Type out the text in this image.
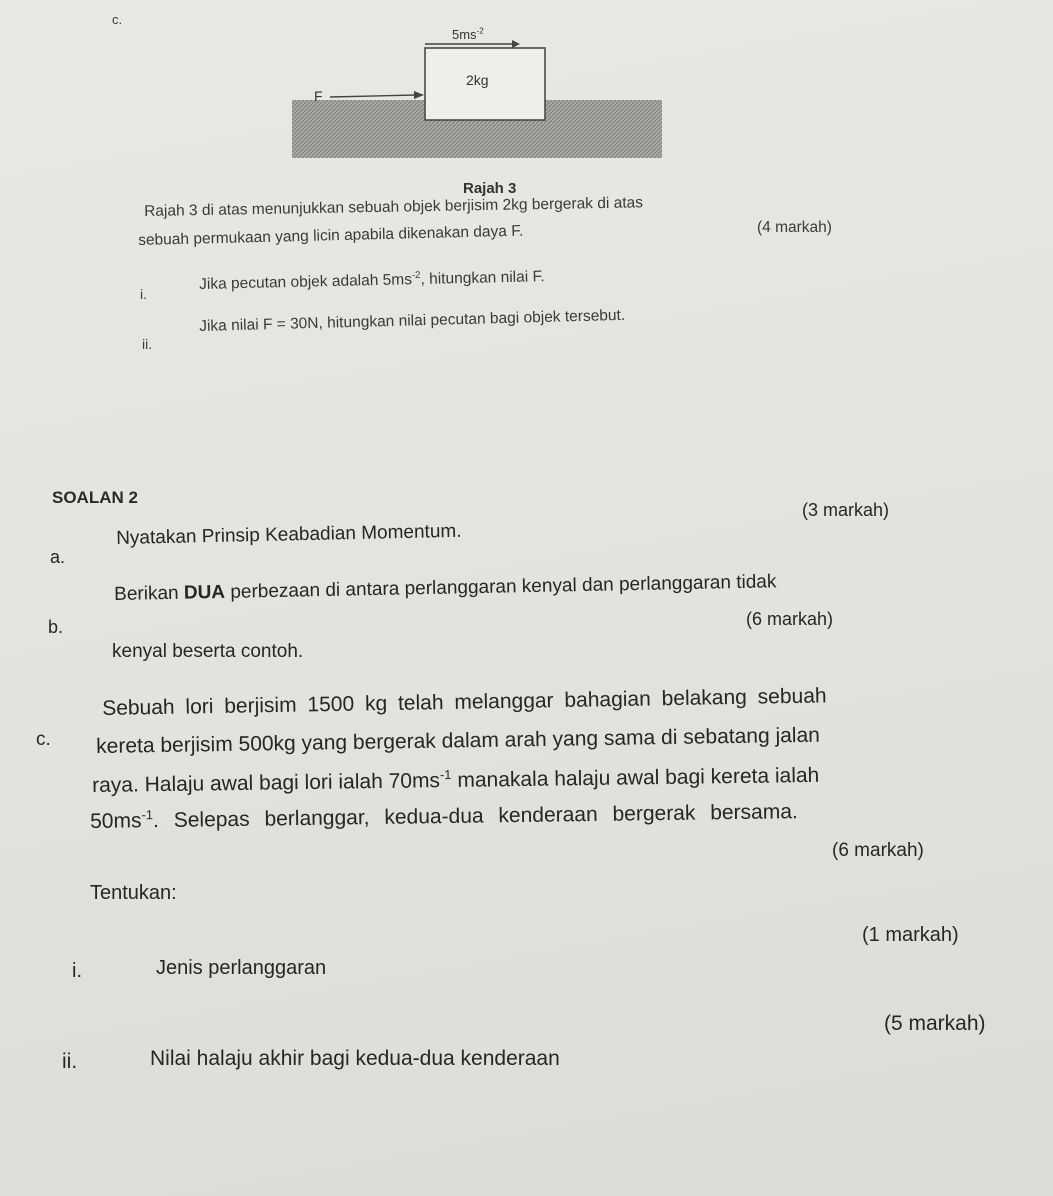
c.
$5ms^{-2}$
2kg
F
Rajah 3
Rajah 3 di atas menunjukkan sebuah objek berjisim 2kg bergerak di atas
sebuah permukaan yang licin apabila dikenakan daya F.	(4 markah)
i.
Jika pecutan objek adalah $5ms^{-2}$, hitungkan nilai F.
ii.
Jika nilai F = 30N, hitungkan nilai pecutan bagi objek tersebut.
SOALAN 2
a.
Nyatakan Prinsip Keabadian Momentum.
(3 markah)
b.
Berikan DUA perbezaan di antara perlanggaran kenyal dan perlanggaran tidak
kenyal beserta contoh.
(6 markah)
c.
Sebuah lori berjisim 1500 kg telah melanggar bahagian belakang sebuah
kereta berjisim 500kg yang bergerak dalam arah yang sama di sebatang jalan
raya. Halaju awal bagi lori ialah $70ms^{-1}$ manakala halaju awal bagi kereta ialah
$50ms^{-1}$. Selepas berlanggar, kedua-dua kenderaan bergerak bersama.
(6 markah)
Tentukan:
i.	Jenis perlanggaran
(1 markah)
ii.	Nilai halaju akhir bagi kedua-dua kenderaan
(5 markah)
